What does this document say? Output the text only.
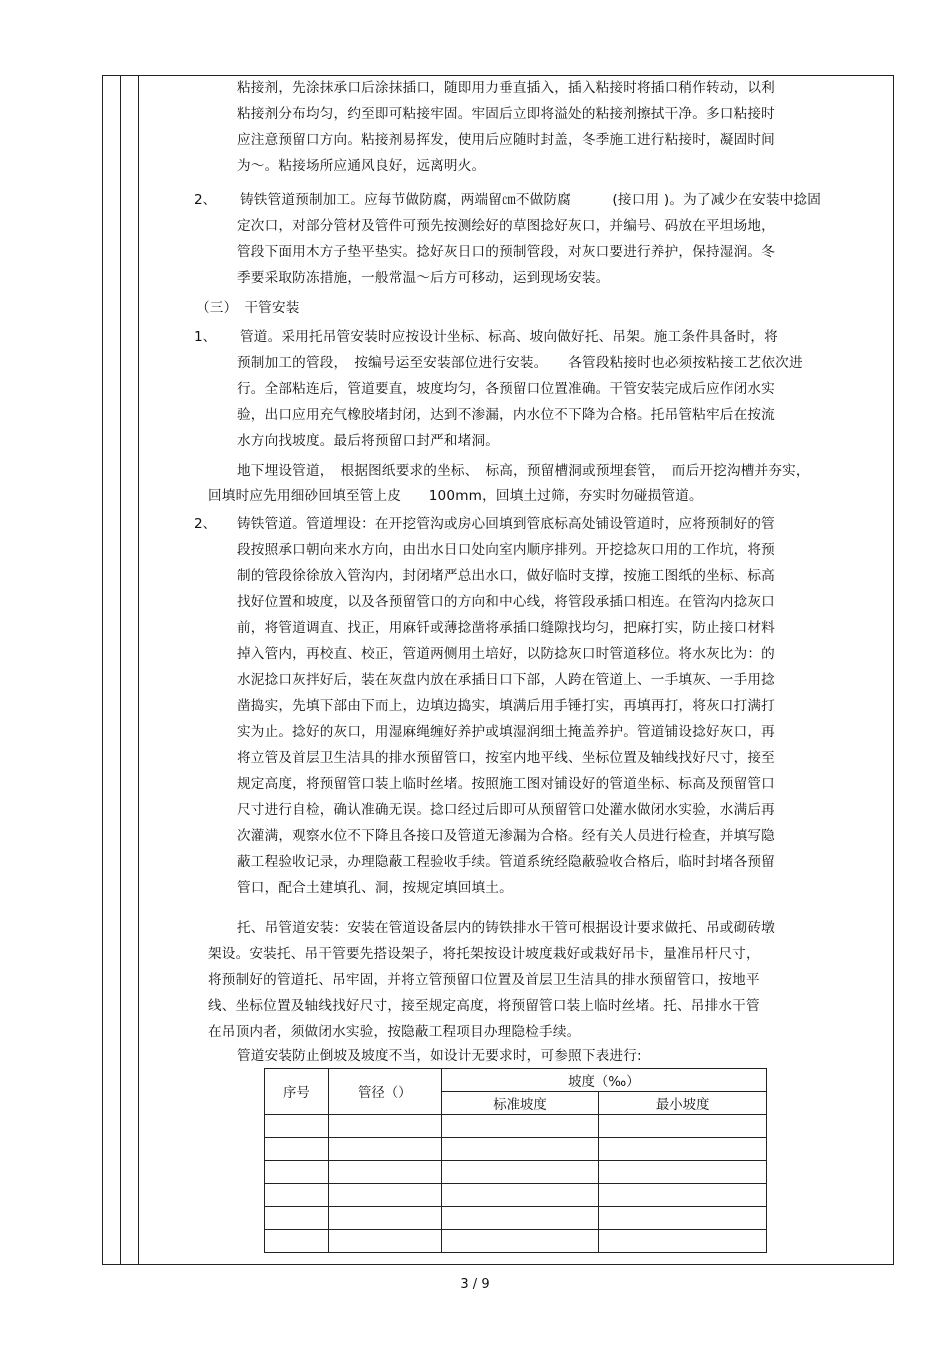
粘接剂，先涂抹承口后涂抹插口，随即用力垂直插入，插入粘接时将插口稍作转动，以利
粘接剂分布均匀，约至即可粘接牢固。牢固后立即将溢处的粘接剂擦拭干净。多口粘接时
应注意预留口方向。粘接剂易挥发，使用后应随时封盖，冬季施工进行粘接时，凝固时间
为～。粘接场所应通风良好，远离明火。
2、 铸铁管道预制加工。应每节做防腐，两端留㎝不做防腐　　　(接口用 )。为了减少在安装中捻固
定次口，对部分管材及管件可预先按测绘好的草图捻好灰口，并编号、码放在平坦场地，
管段下面用木方子垫平垫实。捻好灰日口的预制管段，对灰口要进行养护，保持湿润。冬
季要采取防冻措施，一般常温～后方可移动，运到现场安装。
（三）　干管安装
1、 管道。采用托吊管安装时应按设计坐标、标高、坡向做好托、吊架。施工条件具备时，将
预制加工的管段，　按编号运至安装部位进行安装。　　各管段粘接时也必须按粘接工艺依次进
行。全部粘连后，管道要直，坡度均匀，各预留口位置准确。干管安装完成后应作闭水实
验，出口应用充气橡胶堵封闭，达到不渗漏，内水位不下降为合格。托吊管粘牢后在按流
水方向找坡度。最后将预留口封严和堵洞。
地下埋设管道，　根据图纸要求的坐标、　标高，预留槽洞或预埋套管，　而后开挖沟槽并夯实，
回填时应先用细砂回填至管上皮　　100mm，回填土过筛，夯实时勿碰损管道。
2、 铸铁管道。管道埋设：在开挖管沟或房心回填到管底标高处铺设管道时，应将预制好的管
段按照承口朝向来水方向，由出水日口处向室内顺序排列。开挖捻灰口用的工作坑，将预
制的管段徐徐放入管沟内，封闭堵严总出水口，做好临时支撑，按施工图纸的坐标、标高
找好位置和坡度，以及各预留管口的方向和中心线，将管段承插口相连。在管沟内捻灰口
前，将管道调直、找正，用麻钎或薄捻凿将承插口缝隙找均匀，把麻打实，防止接口材料
掉入管内，再校直、校正，管道两侧用土培好，以防捻灰口时管道移位。将水灰比为：的
水泥捻口灰拌好后，装在灰盘内放在承插日口下部，人跨在管道上、一手填灰、一手用捻
凿捣实，先填下部由下而上，边填边捣实，填满后用手锤打实，再填再打，将灰口打满打
实为止。捻好的灰口，用湿麻绳缠好养护或填湿润细土掩盖养护。管道铺设捻好灰口，再
将立管及首层卫生洁具的排水预留管口，按室内地平线、坐标位置及轴线找好尺寸，接至
规定高度，将预留管口装上临时丝堵。按照施工图对铺设好的管道坐标、标高及预留管口
尺寸进行自检，确认准确无误。捻口经过后即可从预留管口处灌水做闭水实验，水满后再
次灌满，观察水位不下降且各接口及管道无渗漏为合格。经有关人员进行检查，并填写隐
蔽工程验收记录，办理隐蔽工程验收手续。管道系统经隐蔽验收合格后，临时封堵各预留
管口，配合土建填孔、洞，按规定填回填土。
托、吊管道安装：安装在管道设备层内的铸铁排水干管可根据设计要求做托、吊或砌砖墩
架设。安装托、吊干管要先搭设架子，将托架按设计坡度栽好或栽好吊卡，量准吊杆尺寸，
将预制好的管道托、吊牢固，并将立管预留口位置及首层卫生洁具的排水预留管口，按地平
线、坐标位置及轴线找好尺寸，接至规定高度，将预留管口装上临时丝堵。托、吊排水干管
在吊顶内者，须做闭水实验，按隐蔽工程项目办理隐检手续。
管道安装防止倒坡及坡度不当，如设计无要求时，可参照下表进行:
序号	管径（）	坡度（‰）	
		标准坡度	最小坡度

3 / 9
